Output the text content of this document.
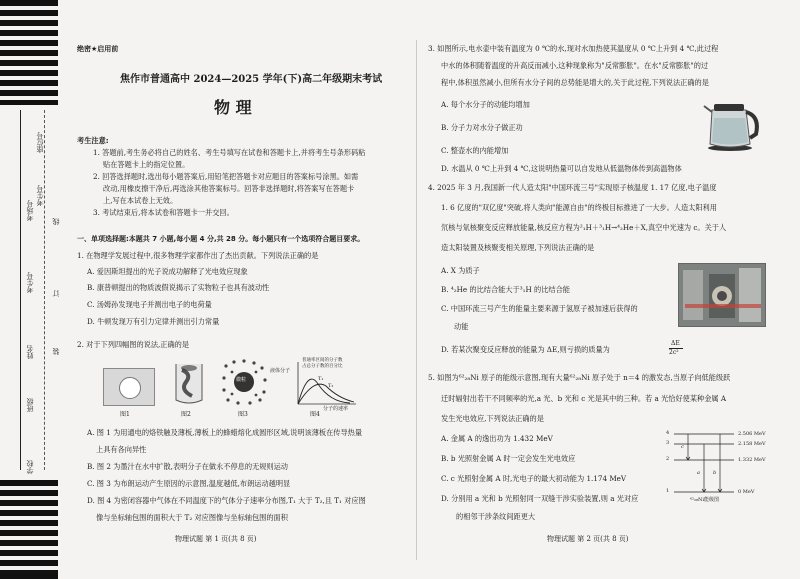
座位号
考场号
考生号
考生号
姓名
班级
学校
线
订
装
绝密★启用前
焦作市普通高中 2024—2025 学年(下)高二年级期末考试
物 理
考生注意:
1. 答题前,考生务必将自己的姓名、考生号填写在试卷和答题卡上,并将考生号条形码粘
贴在答题卡上的指定位置。
2. 回答选择题时,选出每小题答案后,用铅笔把答题卡对应题目的答案标号涂黑。如需
改动,用橡皮擦干净后,再选涂其他答案标号。回答非选择题时,将答案写在答题卡
上,写在本试卷上无效。
3. 考试结束后,将本试卷和答题卡一并交回。
一、单项选择题:本题共 7 小题,每小题 4 分,共 28 分。每小题只有一个选项符合题目要求。
1. 在物理学发展过程中,很多物理学家都作出了杰出贡献。下列说法正确的是
A. 爱因斯坦提出的光子说成功解释了光电效应现象
B. 康普顿提出的物质波假说揭示了实物粒子也具有波动性
C. 汤姆孙发现电子并测出电子的电荷量
D. 牛顿发现万有引力定律并测出引力常量
2. 对于下列四幅图的说法,正确的是
图1	图2
微粒
液体分子
图3
普通率区间的分子数
占总分子数的百分比
T₁
T₂
分子的速率
图4
A. 图 1 为用通电的烙铁触及薄板,薄板上的蜂蜡熔化成圆形区域,说明该薄板在传导热量
上具有各向异性
B. 图 2 为墨汁在水中扩散,表明分子在做永不停息的无规则运动
C. 图 3 为布朗运动产生原因的示意图,温度越低,布朗运动越明显
D. 图 4 为密闭容器中气体在不同温度下的气体分子速率分布图,T₁ 大于 T₂,且 T₁ 对应图
像与坐标轴包围的面积大于 T₂ 对应图像与坐标轴包围的面积
物理试题 第 1 页(共 8 页)
3. 如图所示,电水壶中装有温度为 0 ℃的水,现对水加热使其温度从 0 ℃上升到 4 ℃,此过程
中水的体积随着温度的升高反而减小,这种现象称为"反常膨胀"。在水"反常膨胀"的过
程中,体积虽然减小,但所有水分子间的总势能是增大的,关于此过程,下列说法正确的是
A. 每个水分子的动能均增加
B. 分子力对水分子做正功
C. 整壶水的内能增加
D. 水温从 0 ℃上升到 4 ℃,这说明热量可以自发地从低温物体传到高温物体
4. 2025 年 3 月,我国新一代人造太阳"中国环流三号"实现原子核温度 1. 17 亿度,电子温度
1. 6 亿度的"双亿度"突破,将人类向"能源自由"的终极目标推进了一大步。人造太阳利用
氘核与氚核聚变反应释放能量,核反应方程为²₁H＋³₁H→⁴₂He＋X,真空中光速为 c。关于人
造太阳装置及核聚变相关原理,下列说法正确的是
A. X 为质子
B. ⁴₂He 的比结合能大于³₁H 的比结合能
C. 中国环流三号产生的能量主要来源于氢原子被加速后获得的
动能
D. 若某次聚变反应释放的能量为 ΔE,则亏损的质量为
ΔE
2c²
5. 如图为⁶²₂₈Ni 原子的能级示意图,现有大量⁶²₂₈Ni 原子处于 n＝4 的激发态,当原子向低能级跃
迁时辐射出若干不同频率的光,a 光、b 光和 c 光是其中的三种。若 a 光恰好使某种金属 A
发生光电效应,下列说法正确的是
A. 金属 A 的逸出功为 1.432 MeV
B. b 光照射金属 A 时一定会发生光电效应
C. c 光照射金属 A 时,光电子的最大初动能为 1.174 MeV
D. 分别用 a 光和 b 光照射同一双缝干涉实验装置,则 a 光对应
的相邻干涉条纹间距更大
4
3
2
1
2.506 MeV
2.158 MeV
1.332 MeV
0 MeV
c
a	b
⁶²₂₈Ni能级图
物理试题 第 2 页(共 8 页)
